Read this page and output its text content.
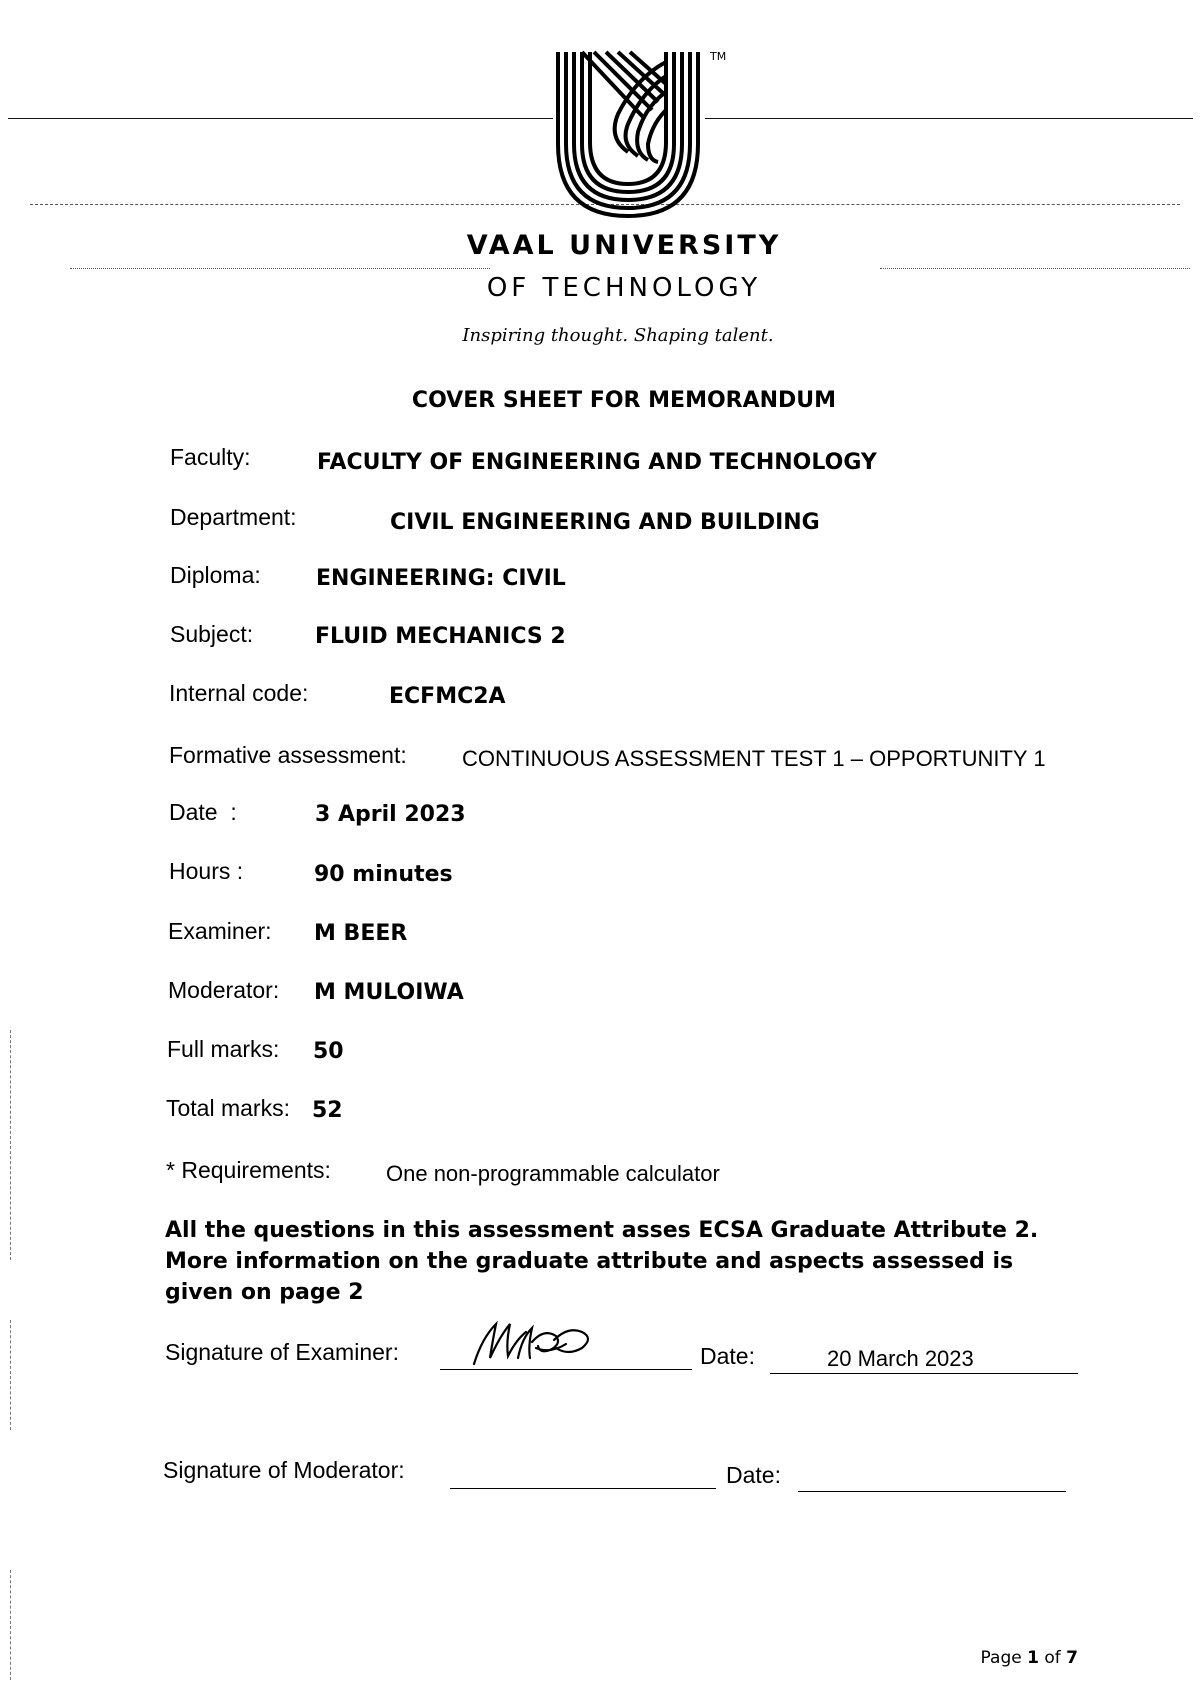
TM
VAAL UNIVERSITY
OF TECHNOLOGY
Inspiring thought. Shaping talent.
COVER SHEET FOR MEMORANDUM
Faculty:	FACULTY OF ENGINEERING AND TECHNOLOGY
Department:	CIVIL ENGINEERING AND BUILDING
Diploma:	ENGINEERING: CIVIL
Subject:	FLUID MECHANICS 2
Internal code:	ECFMC2A
Formative assessment:	CONTINUOUS ASSESSMENT TEST 1 – OPPORTUNITY 1
Date  :	3 April 2023
Hours :	90 minutes
Examiner: M BEER
Moderator: M MULOIWA
Full marks: 50
Total marks: 52
* Requirements:	One non-programmable calculator
All the questions in this assessment asses ECSA Graduate Attribute 2. More information on the graduate attribute and aspects assessed is given on page 2
Signature of Examiner:	Date:	20 March 2023
Signature of Moderator:	Date:
Page 1 of 7
